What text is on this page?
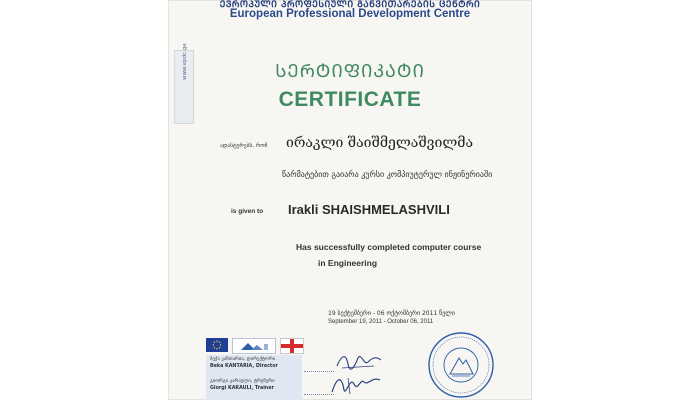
ᲔᲕᲠᲝᲞᲣᲚᲘ ᲞᲠᲝᲤᲔᲡᲘᲣᲚᲘ ᲒᲐᲜᲕᲘᲗᲐᲠᲔᲑᲘᲡ ᲪᲔᲜᲢᲠᲘ

European Professional Development Centre

www.epdc.ge	ᲡᲔᲠᲢᲘᲤᲘᲙᲐᲢᲘ

CERTIFICATE

ადასტურებს, რომ ირაკლი შაიშმელაშვილმა

წარმატებით გაიარა კურსი კომპიუტერულ ინჟინერიაში

is given to Irakli SHAISHMELASHVILI

Has successfully completed computer course

in Engineering

19 სექტემბერი - 06 ოქტომბერი 2011 წელი

September 19, 2011 - October 06, 2011

ბექა კანთარია, დირექტორი

Beka KANTARIA, Director

გიორგი კარაული, ტრენერი

Giorgi KARAULI, Trainer
